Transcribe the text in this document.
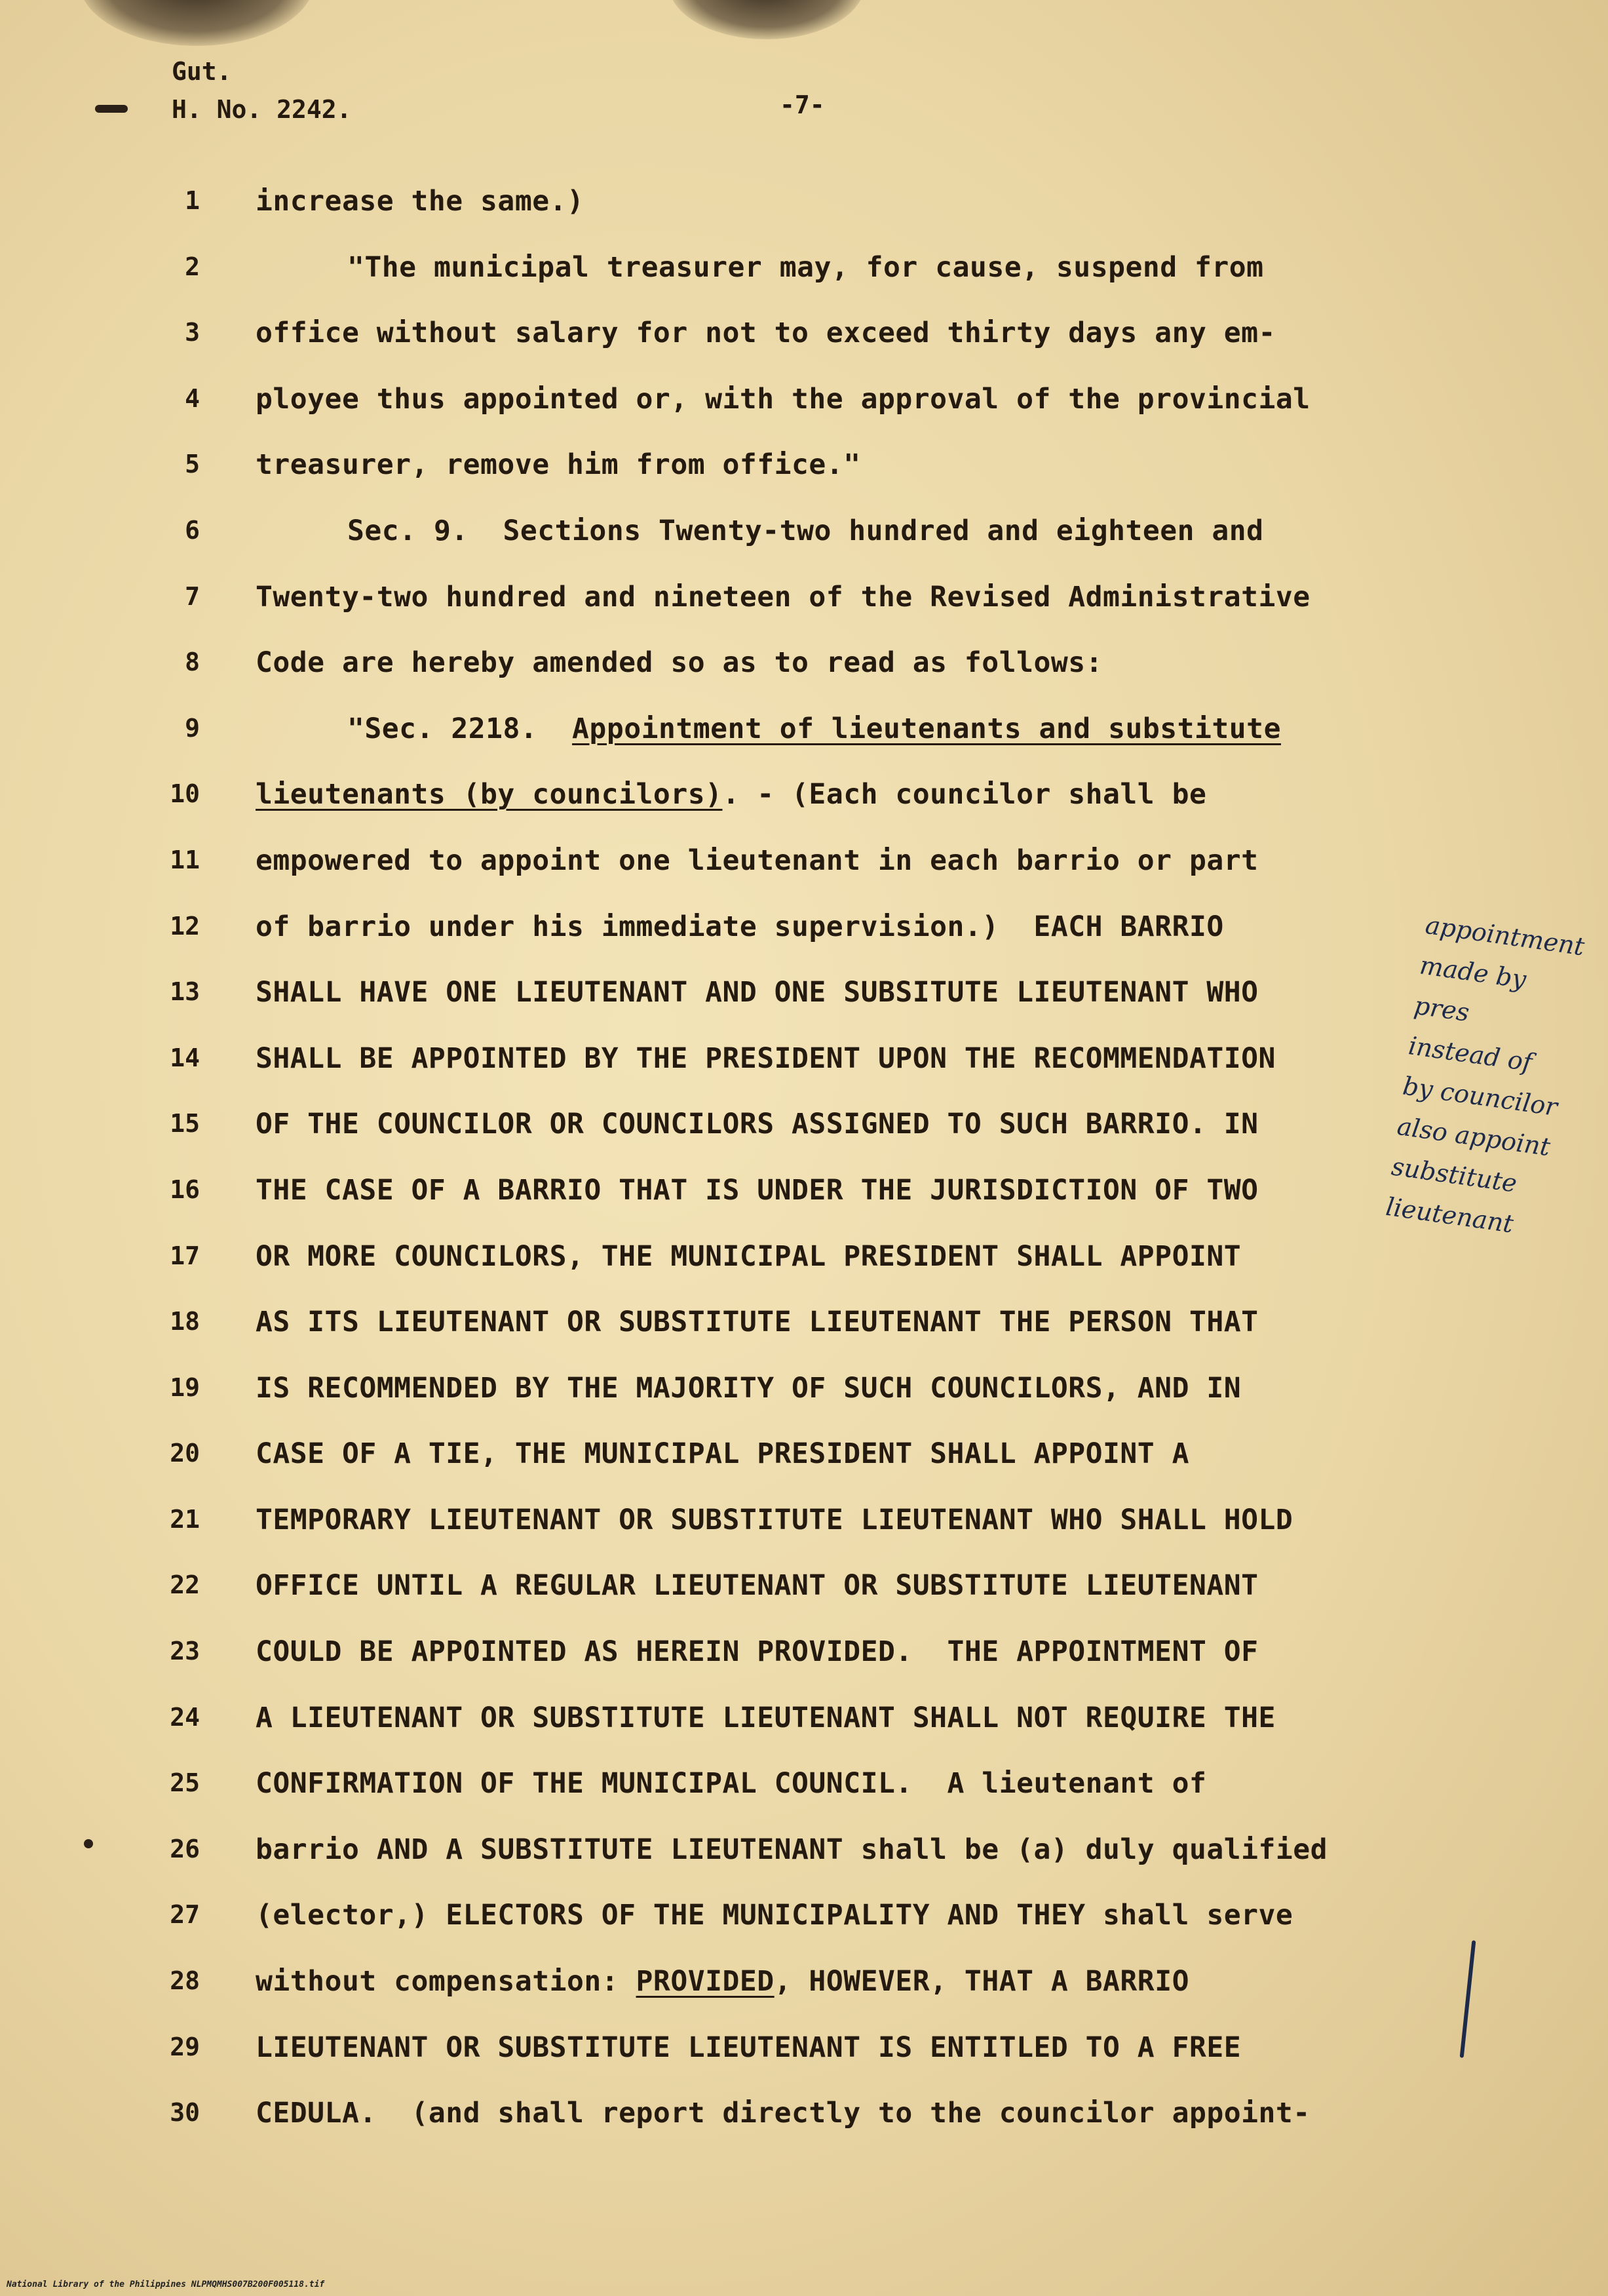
Gut.
H. No. 2242.	-7-
1 increase the same.)
2	"The municipal treasurer may, for cause, suspend from
3 office without salary for not to exceed thirty days any em-
4 ployee thus appointed or, with the approval of the provincial
5 treasurer, remove him from office."
6	Sec. 9.  Sections Twenty-two hundred and eighteen and
7 Twenty-two hundred and nineteen of the Revised Administrative
8 Code are hereby amended so as to read as follows:
9	"Sec. 2218.  Appointment of lieutenants and substitute
10 lieutenants (by councilors). - (Each councilor shall be
11 empowered to appoint one lieutenant in each barrio or part
12 of barrio under his immediate supervision.)  EACH BARRIO
13 SHALL HAVE ONE LIEUTENANT AND ONE SUBSITUTE LIEUTENANT WHO
14 SHALL BE APPOINTED BY THE PRESIDENT UPON THE RECOMMENDATION
15 OF THE COUNCILOR OR COUNCILORS ASSIGNED TO SUCH BARRIO. IN
16 THE CASE OF A BARRIO THAT IS UNDER THE JURISDICTION OF TWO
17 OR MORE COUNCILORS, THE MUNICIPAL PRESIDENT SHALL APPOINT
18 AS ITS LIEUTENANT OR SUBSTITUTE LIEUTENANT THE PERSON THAT
19 IS RECOMMENDED BY THE MAJORITY OF SUCH COUNCILORS, AND IN
20 CASE OF A TIE, THE MUNICIPAL PRESIDENT SHALL APPOINT A
21 TEMPORARY LIEUTENANT OR SUBSTITUTE LIEUTENANT WHO SHALL HOLD
22 OFFICE UNTIL A REGULAR LIEUTENANT OR SUBSTITUTE LIEUTENANT
23 COULD BE APPOINTED AS HEREIN PROVIDED.  THE APPOINTMENT OF
24 A LIEUTENANT OR SUBSTITUTE LIEUTENANT SHALL NOT REQUIRE THE
25 CONFIRMATION OF THE MUNICIPAL COUNCIL.  A lieutenant of
26 barrio AND A SUBSTITUTE LIEUTENANT shall be (a) duly qualified
27 (elector,) ELECTORS OF THE MUNICIPALITY AND THEY shall serve
28 without compensation: PROVIDED, HOWEVER, THAT A BARRIO
29 LIEUTENANT OR SUBSTITUTE LIEUTENANT IS ENTITLED TO A FREE
30 CEDULA.  (and shall report directly to the councilor appoint-
appointment
made by
pres
instead of
by councilor
also appoint
substitute
lieutenant
National Library of the Philippines NLPMQMHS007B200F005118.tif
